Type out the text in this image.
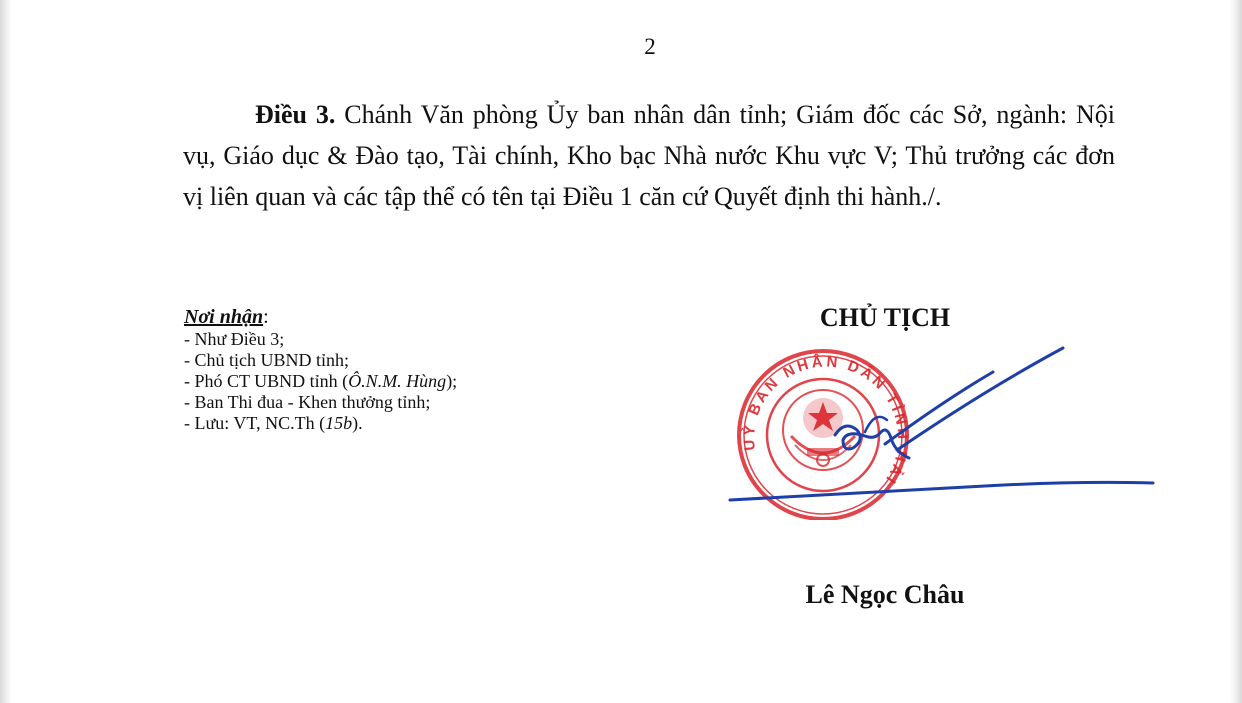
2

Điều 3. Chánh Văn phòng Ủy ban nhân dân tỉnh; Giám đốc các Sở, ngành: Nội vụ, Giáo dục & Đào tạo, Tài chính, Kho bạc Nhà nước Khu vực V; Thủ trưởng các đơn vị liên quan và các tập thể có tên tại Điều 1 căn cứ Quyết định thi hành./.

Nơi nhận:
- Như Điều 3;
- Chủ tịch UBND tỉnh;
- Phó CT UBND tỉnh (Ô.N.M. Hùng);
- Ban Thi đua - Khen thưởng tỉnh;
- Lưu: VT, NC.Th (15b).
CHỦ TỊCH
UỶ BAN NHÂN DÂN TỈNH HẢI
Lê Ngọc Châu
